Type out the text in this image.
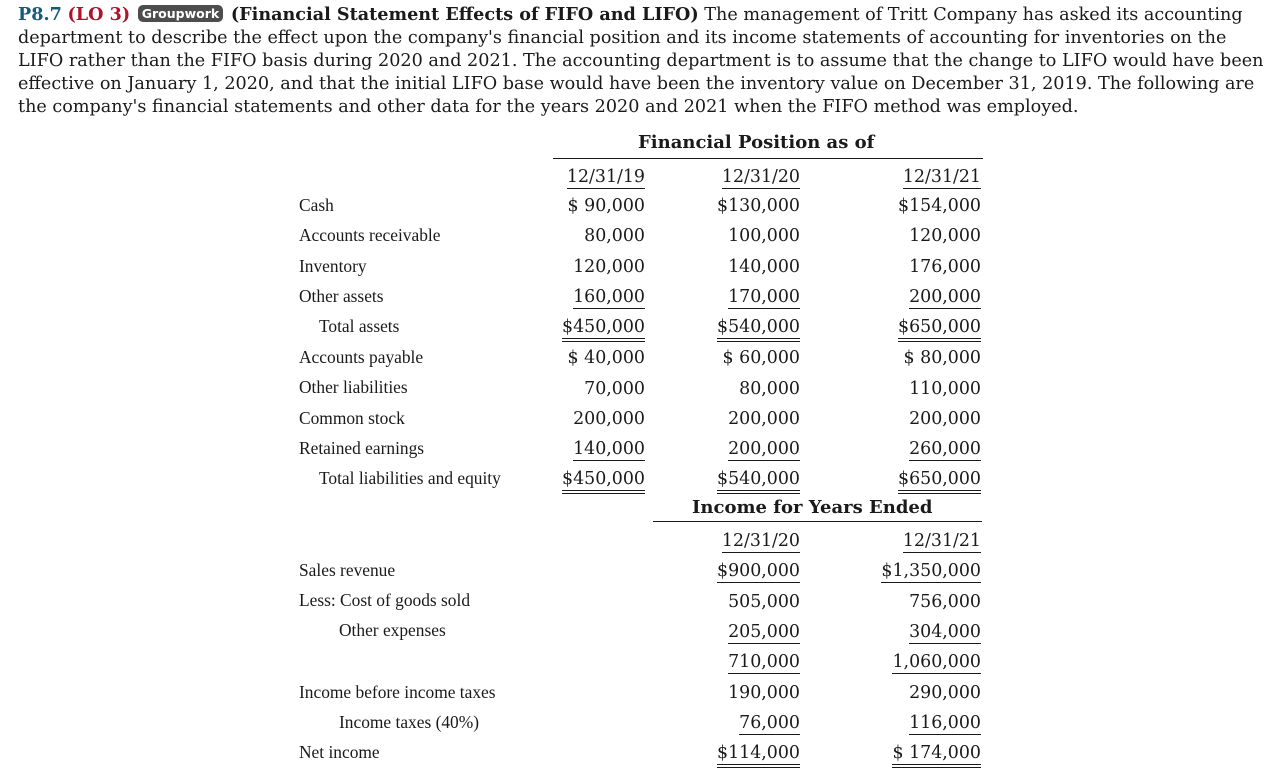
P8.7 (LO 3) Groupwork (Financial Statement Effects of FIFO and LIFO) The management of Tritt Company has asked its accounting department to describe the effect upon the company's financial position and its income statements of accounting for inventories on the LIFO rather than the FIFO basis during 2020 and 2021. The accounting department is to assume that the change to LIFO would have been effective on January 1, 2020, and that the initial LIFO base would have been the inventory value on December 31, 2019. The following are the company's financial statements and other data for the years 2020 and 2021 when the FIFO method was employed.
Financial Position as of
12/31/19	12/31/20	12/31/21
Cash	$ 90,000	$130,000	$154,000
Accounts receivable	80,000	100,000	120,000
Inventory	120,000	140,000	176,000
Other assets	160,000	170,000	200,000
Total assets	$450,000	$540,000	$650,000
Accounts payable	$ 40,000	$ 60,000	$ 80,000
Other liabilities	70,000	80,000	110,000
Common stock	200,000	200,000	200,000
Retained earnings	140,000	200,000	260,000
Total liabilities and equity	$450,000	$540,000	$650,000
Income for Years Ended
12/31/20	12/31/21
Sales revenue	$900,000	$1,350,000
Less: Cost of goods sold	505,000	756,000
Other expenses	205,000	304,000
710,000	1,060,000
Income before income taxes	190,000	290,000
Income taxes (40%)	76,000	116,000
Net income	$114,000	$ 174,000
